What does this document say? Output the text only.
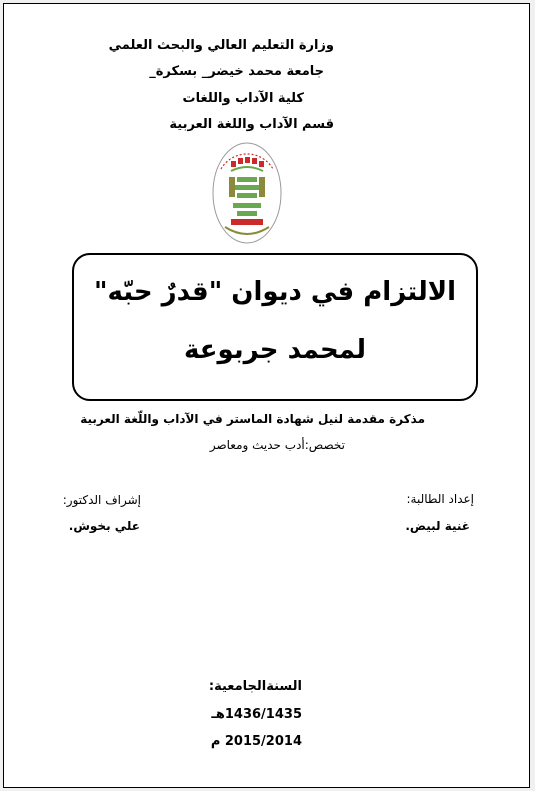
وزارة التعليم العالي والبحث العلمي
جامعة محمد خيضر_ بسكرة_
كلية الآداب واللغات
قسم الآداب واللغة العربية
الالتزام في ديوان "قدرٌ حبّه"
لمحمد جربوعة
مذكرة مقدمة لنيل شهادة الماستر في الآداب واللّغة العربية
تخصص:أدب حديث ومعاصر
إعداد الطالبة:
غنية لبيض.
إشراف الدكتور:
علي بخوش.
السنةالجامعية:
1436/1435هـ
2015/2014 م
